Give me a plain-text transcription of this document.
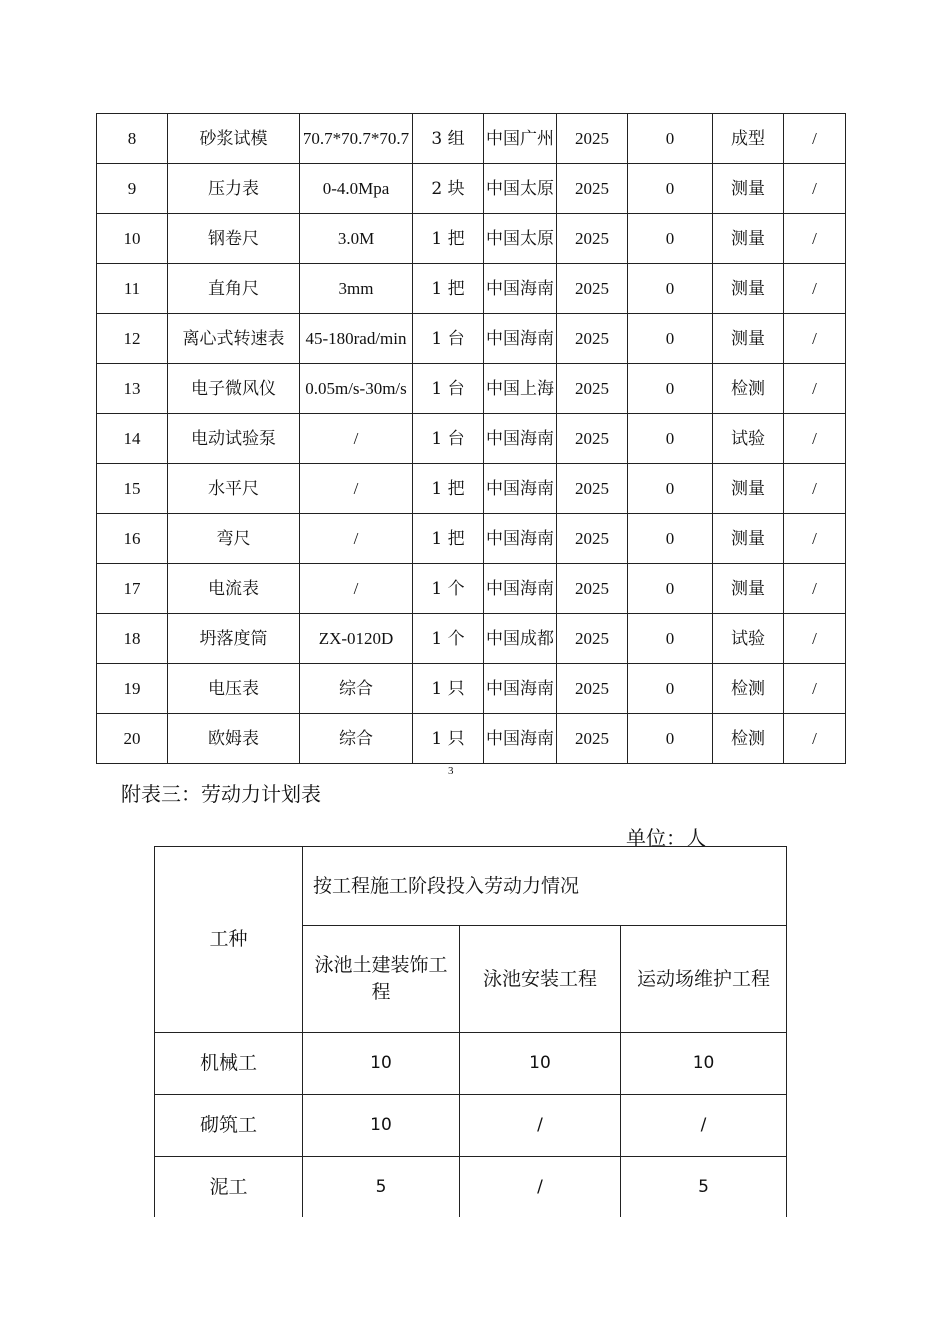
8	砂浆试模	70.7*70.7*70.7	3 组	中国广州	2025	0	成型	/
9	压力表	0-4.0Mpa	2 块	中国太原	2025	0	测量	/
10	钢卷尺	3.0M	1 把	中国太原	2025	0	测量	/
11	直角尺	3mm	1 把	中国海南	2025	0	测量	/
12	离心式转速表	45-180rad/min	1 台	中国海南	2025	0	测量	/
13	电子微风仪	0.05m/s-30m/s	1 台	中国上海	2025	0	检测	/
14	电动试验泵	/	1 台	中国海南	2025	0	试验	/
15	水平尺	/	1 把	中国海南	2025	0	测量	/
16	弯尺	/	1 把	中国海南	2025	0	测量	/
17	电流表	/	1 个	中国海南	2025	0	测量	/
18	坍落度筒	ZX-0120D	1 个	中国成都	2025	0	试验	/
19	电压表	综合	1 只	中国海南	2025	0	检测	/
20	欧姆表	综合	1 只	中国海南	2025	0	检测	/
3
附表三：劳动力计划表
单位：人
工种	按工程施工阶段投入劳动力情况		
	泳池土建装饰工程	泳池安装工程	运动场维护工程
机械工	10	10	10
砌筑工	10	/	/
泥工	5	/	5
